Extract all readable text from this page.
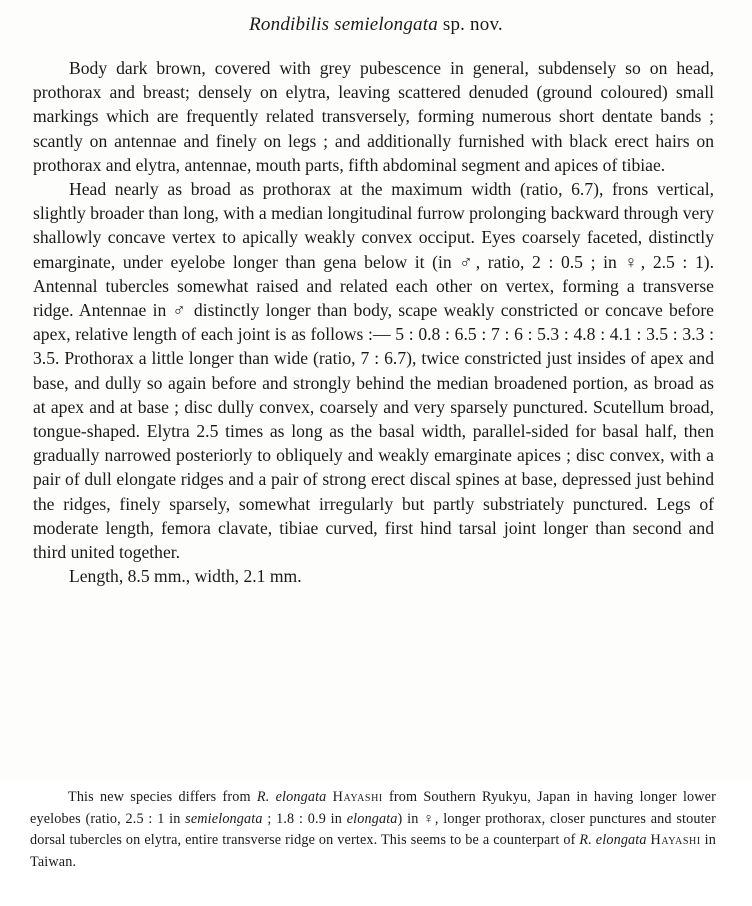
Rondibilis semielongata sp. nov.

Body dark brown, covered with grey pubescence in general, subdensely so on head, prothorax and breast; densely on elytra, leaving scattered denuded (ground coloured) small markings which are frequently related transversely, forming numerous short dentate bands ; scantly on antennae and finely on legs ; and additionally furnished with black erect hairs on prothorax and elytra, antennae, mouth parts, fifth abdominal segment and apices of tibiae.

Head nearly as broad as prothorax at the maximum width (ratio, 6.7), frons vertical, slightly broader than long, with a median longitudinal furrow prolonging backward through very shallowly concave vertex to apically weakly convex occiput. Eyes coarsely faceted, distinctly emarginate, under eyelobe longer than gena below it (in ♂, ratio, 2 : 0.5 ; in ♀, 2.5 : 1). Antennal tubercles somewhat raised and related each other on vertex, forming a transverse ridge. Antennae in ♂ distinctly longer than body, scape weakly constricted or concave before apex, relative length of each joint is as follows :— 5 : 0.8 : 6.5 : 7 : 6 : 5.3 : 4.8 : 4.1 : 3.5 : 3.3 : 3.5. Prothorax a little longer than wide (ratio, 7 : 6.7), twice constricted just insides of apex and base, and dully so again before and strongly behind the median broadened portion, as broad as at apex and at base ; disc dully convex, coarsely and very sparsely punctured. Scutellum broad, tongue-shaped. Elytra 2.5 times as long as the basal width, parallel-sided for basal half, then gradually narrowed posteriorly to obliquely and weakly emarginate apices ; disc convex, with a pair of dull elongate ridges and a pair of strong erect discal spines at base, depressed just behind the ridges, finely sparsely, somewhat irregularly but partly substriately punctured. Legs of moderate length, femora clavate, tibiae curved, first hind tarsal joint longer than second and third united together.

Length, 8.5 mm., width, 2.1 mm.

This new species differs from R. elongata Hayashi from Southern Ryukyu, Japan in having longer lower eyelobes (ratio, 2.5 : 1 in semielongata ; 1.8 : 0.9 in elongata) in ♀, longer prothorax, closer punctures and stouter dorsal tubercles on elytra, entire transverse ridge on vertex. This seems to be a counterpart of R. elongata Hayashi in Taiwan.
